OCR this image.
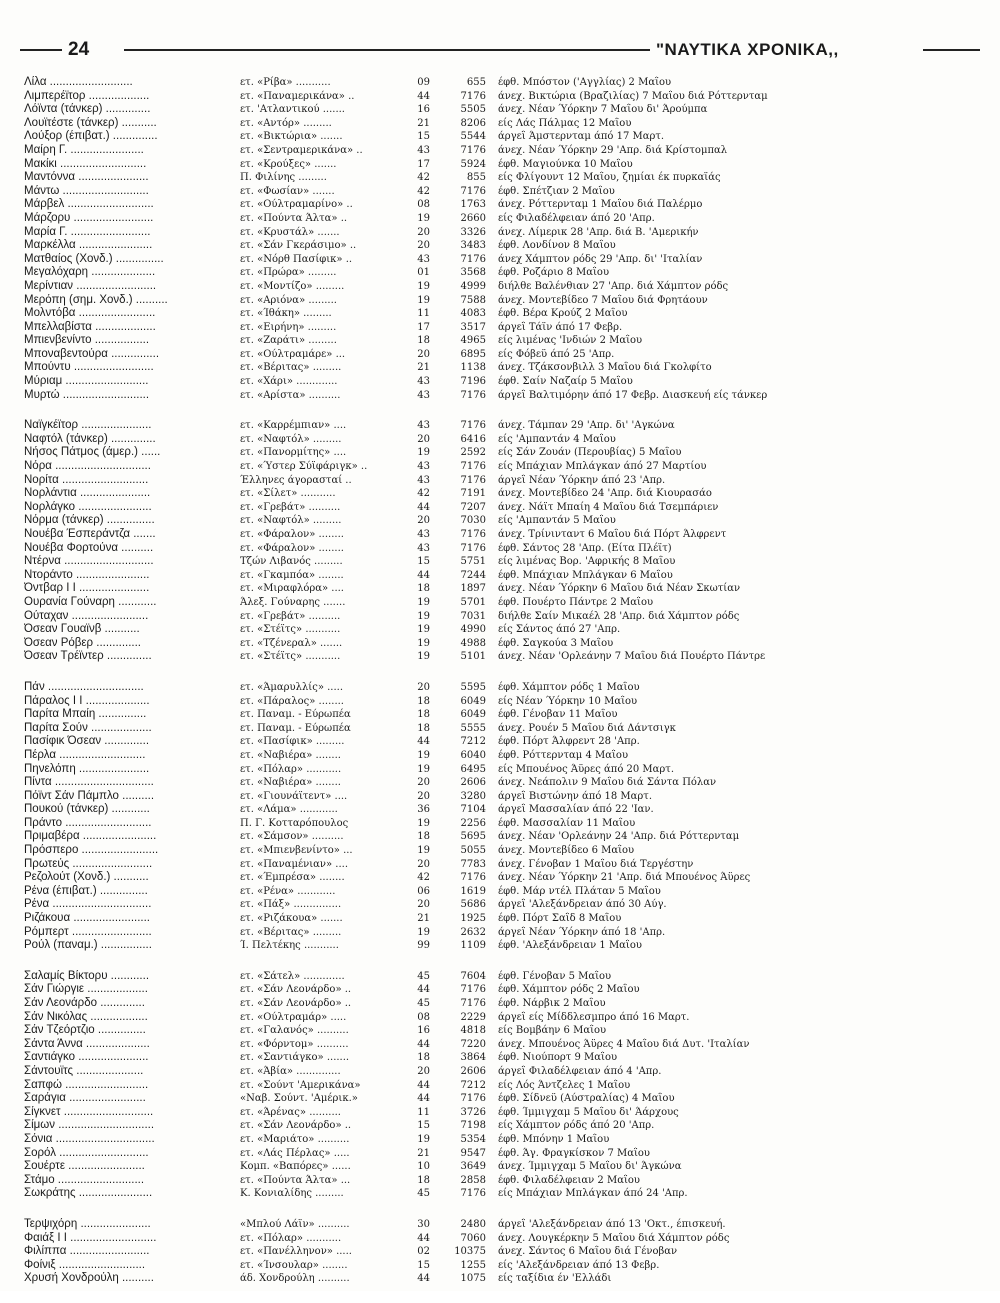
24	"ΝΑΥΤΙΚΑ ΧΡΟΝΙΚΑ,,
Λίλα ..........................	ετ. «Ρίβα» ...........	09	655 έφθ. Μπόστον ('Αγγλίας) 2 Μαΐου
Λιμπερέϊτορ ...................	ετ. «Παναμερικάνα» ..	44	7176 άνεχ. Βικτώρια (Βραζιλίας) 7 Μαΐου διά Ρόττερνταμ
Λόϊντα (τάνκερ) ..............	ετ. 'Ατλαντικού .......	16	5505 άνεχ. Νέαν Ύόρκην 7 Μαΐου δι' Άρούμπα
Λουϊτέστε (τάνκερ) ...........	ετ. «Αντόρ» .........	21	8206 είς Λάς Πάλμας 12 Μαΐου
Λούξορ (έπιβατ.) ..............	ετ. «Βικτώρια» .......	15	5544 άργεΐ Άμστερνταμ άπό 17 Μαρτ.
Μαίρη Γ. .......................	ετ. «Σεντραμερικάνα» ..	43	7176 άνεχ. Νέαν Ύόρκην 29 'Απρ. διά Κρίστομπαλ
Μακίκι ...........................	ετ. «Κρούξες» .......	17	5924 έφθ. Μαγιούνκα 10 Μαΐου
Μαντόννα ......................	Π. Φιλίνης .........	42	855 είς Φλίγουντ 12 Μαΐου, ζημίαι έκ πυρκαϊάς
Μάντω ...........................	ετ. «Φωσίαν» .......	42	7176 έφθ. Σπέτζιαν 2 Μαΐου
Μάρβελ ...........................	ετ. «Ούλτραμαρίνο» ..	08	1763 άνεχ. Ρόττερνταμ 1 Μαΐου διά Παλέρμο
Μάρζορυ .........................	ετ. «Πούντα Άλτα» ..	19	2660 είς Φιλαδέλφειαν άπό 20 'Απρ.
Μαρία Γ. .........................	ετ. «Κρυστάλ» .......	20	3326 άνεχ. Λίμερικ 28 'Απρ. διά Β. 'Αμερικήν
Μαρκέλλα .......................	ετ. «Σάν Γκεράσιμο» ..	20	3483 έφθ. Λονδίνον 8 Μαΐου
Ματθαίος (Χονδ.) ...............	ετ. «Νόρθ Πασίφικ» ..	43	7176 άνεχ Χάμπτον ρόδς 29 'Απρ. δι' 'Ιταλίαν
Μεγαλόχαρη ....................	ετ. «Πρώρα» .........	01	3568 έφθ. Ροζάριο 8 Μαΐου
Μερίντιαν .........................	ετ. «Μοντίζο» .........	19	4999 διήλθε Βαλένθιαν 27 'Απρ. διά Χάμπτον ρόδς
Μερόπη (σημ. Χονδ.) ..........	ετ. «Αριόνα» .........	19	7588 άνεχ. Μοντεβίδεο 7 Μαΐου διά Φρητάουν
Μολντόβα ........................	ετ. «Ίθάκη» .........	11	4083 έφθ. Βέρα Κρούζ 2 Μαΐου
Μπελλαβίστα ...................	ετ. «Ειρήνη» .........	17	3517 άργεΐ Τάϊν άπό 17 Φεβρ.
Μπιενβενίντο .................	ετ. «Ζαράτι» .........	18	4965 είς λιμένας 'Ινδιών 2 Μαΐου
Μποναβεντούρα ...............	ετ. «Ούλτραμάρε» ...	20	6895 είς Φόβεϋ άπό 25 'Απρ.
Μπούντυ .........................	ετ. «Βέριτας» .........	21	1138 άνεχ. Τζάκσονβιλλ 3 Μαΐου διά Γκολφίτο
Μύριαμ ..........................	ετ. «Χάρι» .............	43	7196 έφθ. Σαίν Ναζαίρ 5 Μαΐου
Μυρτώ ...........................	ετ. «Αρίστα» ..........	43	7176 άργεΐ Βαλτιμόρην άπό 17 Φεβρ. Διασκευή είς τάνκερ
Ναϊγκέϊτορ ......................	ετ. «Καρρέμπιαν» ....	43	7176 άνεχ. Τάμπαν 29 'Απρ. δι' 'Αγκώνα
Ναφτόλ (τάνκερ) ..............	ετ. «Ναφτόλ» .........	20	6416 είς 'Αμπαντάν 4 Μαΐου
Νήσος Πάτμος (άμερ.) ......	ετ. «Πανορμίτης» ....	19	2592 είς Σάν Ζουάν (Περουβίας) 5 Μαΐου
Νόρα ..............................	ετ. «Ύστερ Σύϊφάριγκ» ..	43	7176 είς Μπάχιαν Μπλάγκαν άπό 27 Μαρτίου
Νορίτα ...........................	Έλληνες άγορασταί ..	43	7176 άργεΐ Νέαν Ύόρκην άπό 23 'Απρ.
Νορλάντια ......................	ετ. «Σίλετ» ...........	42	7191 άνεχ. Μοντεβίδεο 24 'Απρ. διά Κιουρασάο
Νορλάγκο .......................	ετ. «Γρεβάτ» ..........	44	7207 άνεχ. Νάϊτ Μπαίη 4 Μαΐου διά Τσεμπάριεν
Νόρμα (τάνκερ) ...............	ετ. «Ναφτόλ» .........	20	7030 είς 'Αμπαντάν 5 Μαΐου
Νουέβα Έσπεράντζα .......	ετ. «Φάραλον» ........	43	7176 άνεχ. Τρίνινταντ 6 Μαΐου διά Πόρτ Άλφρεντ
Νουέβα Φορτούνα ..........	ετ. «Φάραλον» ........	43	7176 έφθ. Σάντος 28 'Απρ. (Είτα Πλέϊτ)
Ντέρνα ............................	Τζών Λιβανός .........	15	5751 είς λιμένας Βορ. 'Αφρικής 8 Μαΐου
Ντοράντο .......................	ετ. «Γκαμπόα» ........	44	7244 έφθ. Μπάχιαν Μπλάγκαν 6 Μαΐου
Όντβαρ Ι Ι ......................	ετ. «Μιραφλόρα» ....	18	1897 άνεχ. Νέαν Ύόρκην 6 Μαΐου διά Νέαν Σκωτίαν
Ουρανία Γούναρη ............	Άλεξ. Γούναρης .......	19	5701 έφθ. Πουέρτο Πάντρε 2 Μαΐου
Ούταχαν ........................	ετ. «Γρεβάτ» ..........	19	7031 διήλθε Σαίν Μικαέλ 28 'Απρ. διά Χάμπτον ρόδς
Όσεαν Γουαϊνβ ...........	ετ. «Στέϊτς» ...........	19	4990 είς Σάντος άπό 27 'Απρ.
Όσεαν Ρόβερ ..............	ετ. «Τζένεραλ» .......	19	4988 έφθ. Σαγκούα 3 Μαΐου
Όσεαν Τρέϊντερ ..............	ετ. «Στέϊτς» ...........	19	5101 άνεχ. Νέαν 'Ορλεάνην 7 Μαΐου διά Πουέρτο Πάντρε
Πάν ..............................	ετ. «Άμαρυλλίς» .....	20	5595 έφθ. Χάμπτον ρόδς 1 Μαΐου
Πάραλος Ι Ι ....................	ετ. «Πάραλος» ........	18	6049 είς Νέαν Ύόρκην 10 Μαΐου
Παρίτα Μπαίη ...............	ετ. Παναμ. - Εύρωπέα	18	6049 έφθ. Γένοβαν 11 Μαΐου
Παρίτα Σούν ...................	ετ. Παναμ. - Εύρωπέα	18	5555 άνεχ. Ρουέν 5 Μαΐου διά Δάντσιγκ
Πασίφικ Όσεαν ..............	ετ. «Πασίφικ» .........	44	7212 έφθ. Πόρτ Άλφρεντ 28 'Απρ.
Πέρλα ...........................	ετ. «Ναβιέρα» ........	19	6040 έφθ. Ρόττερνταμ 4 Μαΐου
Πηνελόπη ......................	ετ. «Πόλαρ» ...........	19	6495 είς Μπουένος Άϋρες άπό 20 Μαρτ.
Πίντα ...............................	ετ. «Ναβιέρα» ........	20	2606 άνεχ. Νεάπολιν 9 Μαΐου διά Σάντα Πόλαν
Πόϊντ Σάν Πάμπλο ..........	ετ. «Γιουνάϊτεντ» ....	20	3280 άργεΐ Βιστώνην άπό 18 Μαρτ.
Πουκού (τάνκερ) ............	ετ. «Λάμα» ............	36	7104 άργεΐ Μασσαλίαν άπό 22 'Ιαν.
Πράντο ...........................	Π. Γ. Κοτταρόπουλος	19	2256 έφθ. Μασσαλίαν 11 Μαΐου
Πριμαβέρα .......................	ετ. «Σάμσον» ..........	18	5695 άνεχ. Νέαν 'Ορλεάνην 24 'Απρ. διά Ρόττερνταμ
Πρόσπερο ........................	ετ. «Μπιενβενίντο» ...	19	5055 άνεχ. Μοντεβίδεο 6 Μαΐου
Πρωτεύς .........................	ετ. «Παναμένιαν» ....	20	7783 άνεχ. Γένοβαν 1 Μαΐου διά Τεργέστην
Ρεζολούτ (Χονδ.) ...........	ετ. «Έμπρέσα» ........	42	7176 άνεχ. Νέαν Ύόρκην 21 'Απρ. διά Μπουένος Άϋρες
Ρένα (έπιβατ.) ...............	ετ. «Ρένα» ............	06	1619 έφθ. Μάρ ντέλ Πλάταν 5 Μαΐου
Ρένα ...............................	ετ. «Πάξ» ...............	20	5686 άργεΐ 'Αλεξάνδρειαν άπό 30 Αύγ.
Ριζάκουα ........................	ετ. «Ριζάκουα» .......	21	1925 έφθ. Πόρτ Σαΐδ 8 Μαΐου
Ρόμπερτ .........................	ετ. «Βέριτας» .........	19	2632 άργεΐ Νέαν Ύόρκην άπό 18 'Απρ.
Ρούλ (παναμ.) ................	Ί. Πελτέκης ...........	99	1109 έφθ. 'Αλεξάνδρειαν 1 Μαΐου
Σαλαμίς Βίκτορυ ............	ετ. «Σάτελ» .............	45	7604 έφθ. Γένοβαν 5 Μαΐου
Σάν Γιώργιε ...................	ετ. «Σάν Λεονάρδο» ..	44	7176 έφθ. Χάμπτον ρόδς 2 Μαΐου
Σάν Λεονάρδο ..............	ετ. «Σάν Λεονάρδο» ..	45	7176 έφθ. Νάρβικ 2 Μαΐου
Σάν Νικόλας ..................	ετ. «Ούλτραμάρ» .....	08	2229 άργεΐ είς Μίδδλεσμπρο άπό 16 Μαρτ.
Σάν Τζεόρτζιο ...............	ετ. «Γαλανός» ..........	16	4818 είς Βομβάην 6 Μαΐου
Σάντα Άννα ....................	ετ. «Φόρντομ» ..........	44	7220 άνεχ. Μπουένος Άϋρες 4 Μαΐου διά Δυτ. 'Ιταλίαν
Σαντιάγκο ......................	ετ. «Σαντιάγκο» .......	18	3864 έφθ. Νιούπορτ 9 Μαΐου
Σάντουϊτς .....................	ετ. «Άβία» ..............	20	2606 άργεΐ Φιλαδέλφειαν άπό 4 'Απρ.
Σαπφώ ..........................	ετ. «Σούντ 'Αμερικάνα»	44	7212 είς Λός Άντζελες 1 Μαΐου
Σαράγια ........................	«Ναβ. Σούντ. 'Αμέρικ.»	44	7176 έφθ. Σίδνεϋ (Αύστραλίας) 4 Μαΐου
Σίγκνετ ............................	ετ. «Άρένας» ..........	11	3726 έφθ. Ίμμιγχαμ 5 Μαΐου δι' Άάρχους
Σίμων ..............................	ετ. «Σάν Λεονάρδο» ..	15	7198 είς Χάμπτον ρόδς άπό 20 'Απρ.
Σόνια ...............................	ετ. «Μαριάτο» ..........	19	5354 έφθ. Μπόνην 1 Μαΐου
Σορόλ ............................	ετ. «Λάς Πέρλας» .....	21	9547 έφθ. Άγ. Φραγκίσκον 7 Μαΐου
Σουέρτε ........................	Κομπ. «Βαπόρες» ......	10	3649 άνεχ. Ίμμιγχαμ 5 Μαΐου δι' Άγκώνα
Στάμο ...........................	ετ. «Πούντα Άλτα» ...	18	2858 έφθ. Φιλαδέλφειαν 2 Μαΐου
Σωκράτης .......................	Κ. Κονιαλίδης .........	45	7176 είς Μπάχιαν Μπλάγκαν άπό 24 'Απρ.
Τερψιχόρη ......................	«Μπλού Λάϊν» ..........	30	2480 άργεΐ 'Αλεξάνδρειαν άπό 13 'Οκτ., έπισκευή.
Φαιάξ Ι Ι ...........................	ετ. «Πόλαρ» ...........	44	7060 άνεχ. Λουγκέρκην 5 Μαΐου διά Χάμπτον ρόδς
Φιλίππα .........................	ετ. «Πανέλληνον» .....	02	10375 άνεχ. Σάντος 6 Μαΐου διά Γένοβαν
Φοίνιξ ...........................	ετ. «Ίνσουλαρ» ........	15	1255 είς 'Αλεξάνδρειαν άπό 13 Φεβρ.
Χρυσή Χονδρούλη ..........	άδ. Χονδρούλη ..........	44	1075 είς ταξίδια έν 'Ελλάδι
